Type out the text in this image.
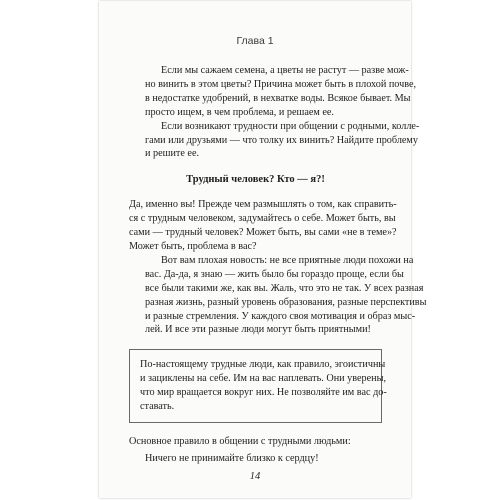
Глава 1

Если мы сажаем семена, а цветы не растут — разве мож-
но винить в этом цветы? Причина может быть в плохой почве,
в недостатке удобрений, в нехватке воды. Всякое бывает. Мы
просто ищем, в чем проблема, и решаем ее.

Если возникают трудности при общении с родными, колле-
гами или друзьями — что толку их винить? Найдите проблему
и решите ее.

Трудный человек? Кто — я?!

Да, именно вы! Прежде чем размышлять о том, как справить-
ся с трудным человеком, задумайтесь о себе. Может быть, вы
сами — трудный человек? Может быть, вы сами «не в теме»?
Может быть, проблема в вас?

Вот вам плохая новость: не все приятные люди похожи на
вас. Да-да, я знаю — жить было бы гораздо проще, если бы
все были такими же, как вы. Жаль, что это не так. У всех разная
разная жизнь, разный уровень образования, разные перспективы
и разные стремления. У каждого своя мотивация и образ мыс-
лей. И все эти разные люди могут быть приятными!

По-настоящему трудные люди, как правило, эгоистичны
и зациклены на себе. Им на вас наплевать. Они уверены,
что мир вращается вокруг них. Не позволяйте им вас до-
ставать.

Основное правило в общении с трудными людьми:

Ничего не принимайте близко к сердцу!

14
